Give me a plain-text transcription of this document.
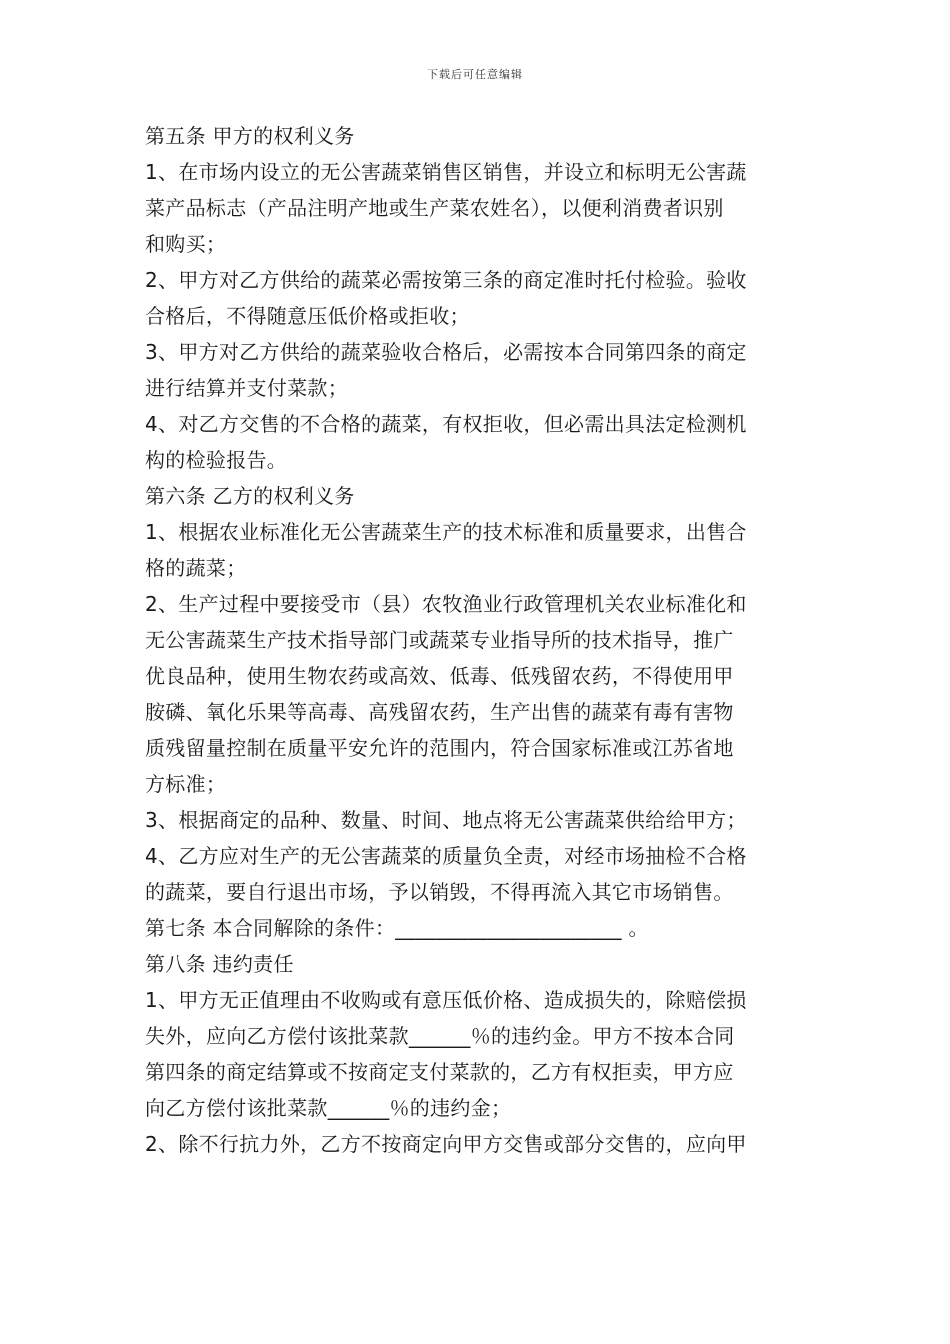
下载后可任意编辑
第五条 甲方的权利义务
1、在市场内设立的无公害蔬菜销售区销售，并设立和标明无公害蔬
菜产品标志（产品注明产地或生产菜农姓名），以便利消费者识别
和购买；
2、甲方对乙方供给的蔬菜必需按第三条的商定准时托付检验。验收
合格后，不得随意压低价格或拒收；
3、甲方对乙方供给的蔬菜验收合格后，必需按本合同第四条的商定
进行结算并支付菜款；
4、对乙方交售的不合格的蔬菜，有权拒收，但必需出具法定检测机
构的检验报告。
第六条 乙方的权利义务
1、根据农业标准化无公害蔬菜生产的技术标准和质量要求，出售合
格的蔬菜；
2、生产过程中要接受市（县）农牧渔业行政管理机关农业标准化和
无公害蔬菜生产技术指导部门或蔬菜专业指导所的技术指导，推广
优良品种，使用生物农药或高效、低毒、低残留农药，不得使用甲
胺磷、氧化乐果等高毒、高残留农药，生产出售的蔬菜有毒有害物
质残留量控制在质量平安允许的范围内，符合国家标准或江苏省地
方标准；
3、根据商定的品种、数量、时间、地点将无公害蔬菜供给给甲方；
4、乙方应对生产的无公害蔬菜的质量负全责，对经市场抽检不合格
的蔬菜，要自行退出市场，予以销毁，不得再流入其它市场销售。
第七条 本合同解除的条件：______________________ 。
第八条 违约责任
1、甲方无正值理由不收购或有意压低价格、造成损失的，除赔偿损
失外，应向乙方偿付该批菜款______％的违约金。甲方不按本合同
第四条的商定结算或不按商定支付菜款的，乙方有权拒卖，甲方应
向乙方偿付该批菜款______％的违约金；
2、除不行抗力外，乙方不按商定向甲方交售或部分交售的，应向甲
